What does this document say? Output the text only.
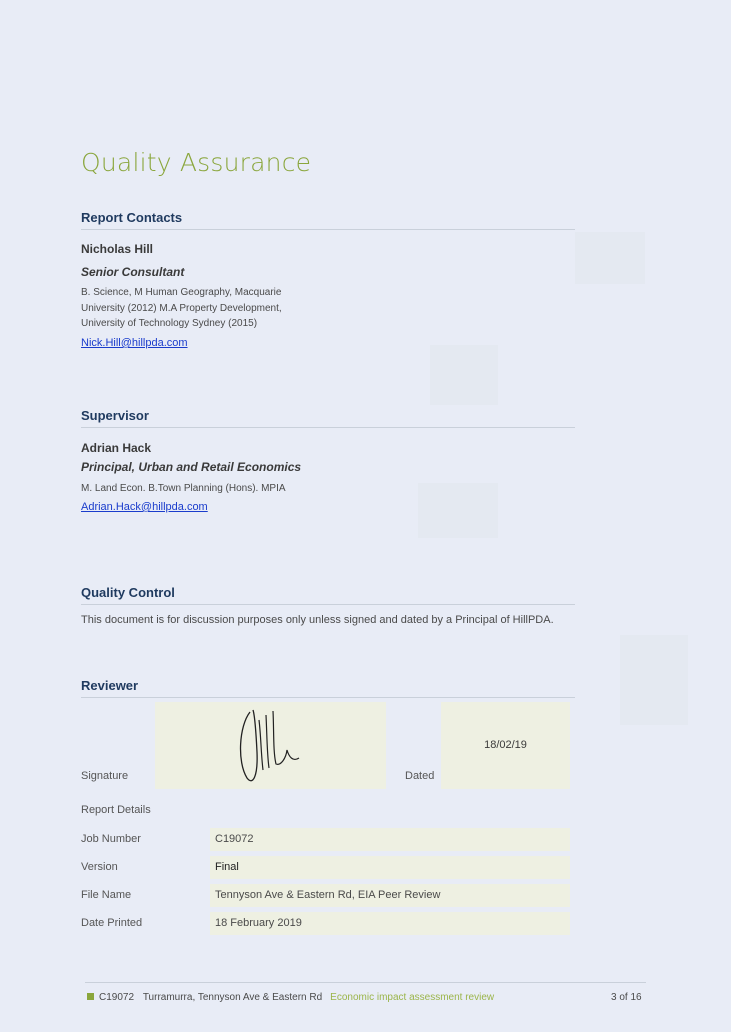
Quality Assurance
Report Contacts
Nicholas Hill
Senior Consultant
B. Science, M Human Geography, Macquarie University (2012) M.A Property Development, University of Technology Sydney (2015)
Nick.Hill@hillpda.com
Supervisor
Adrian Hack
Principal, Urban and Retail Economics
M. Land Econ. B.Town Planning (Hons). MPIA
Adrian.Hack@hillpda.com
Quality Control
This document is for discussion purposes only unless signed and dated by a Principal of HillPDA.
Reviewer
Signature	Dated
18/02/19
Report Details
Job Number	C19072
Version	Final
File Name	Tennyson Ave & Eastern Rd, EIA Peer Review
Date Printed	18 February 2019
C19072 Turramurra, Tennyson Ave & Eastern Rd Economic impact assessment review	3 of 16
